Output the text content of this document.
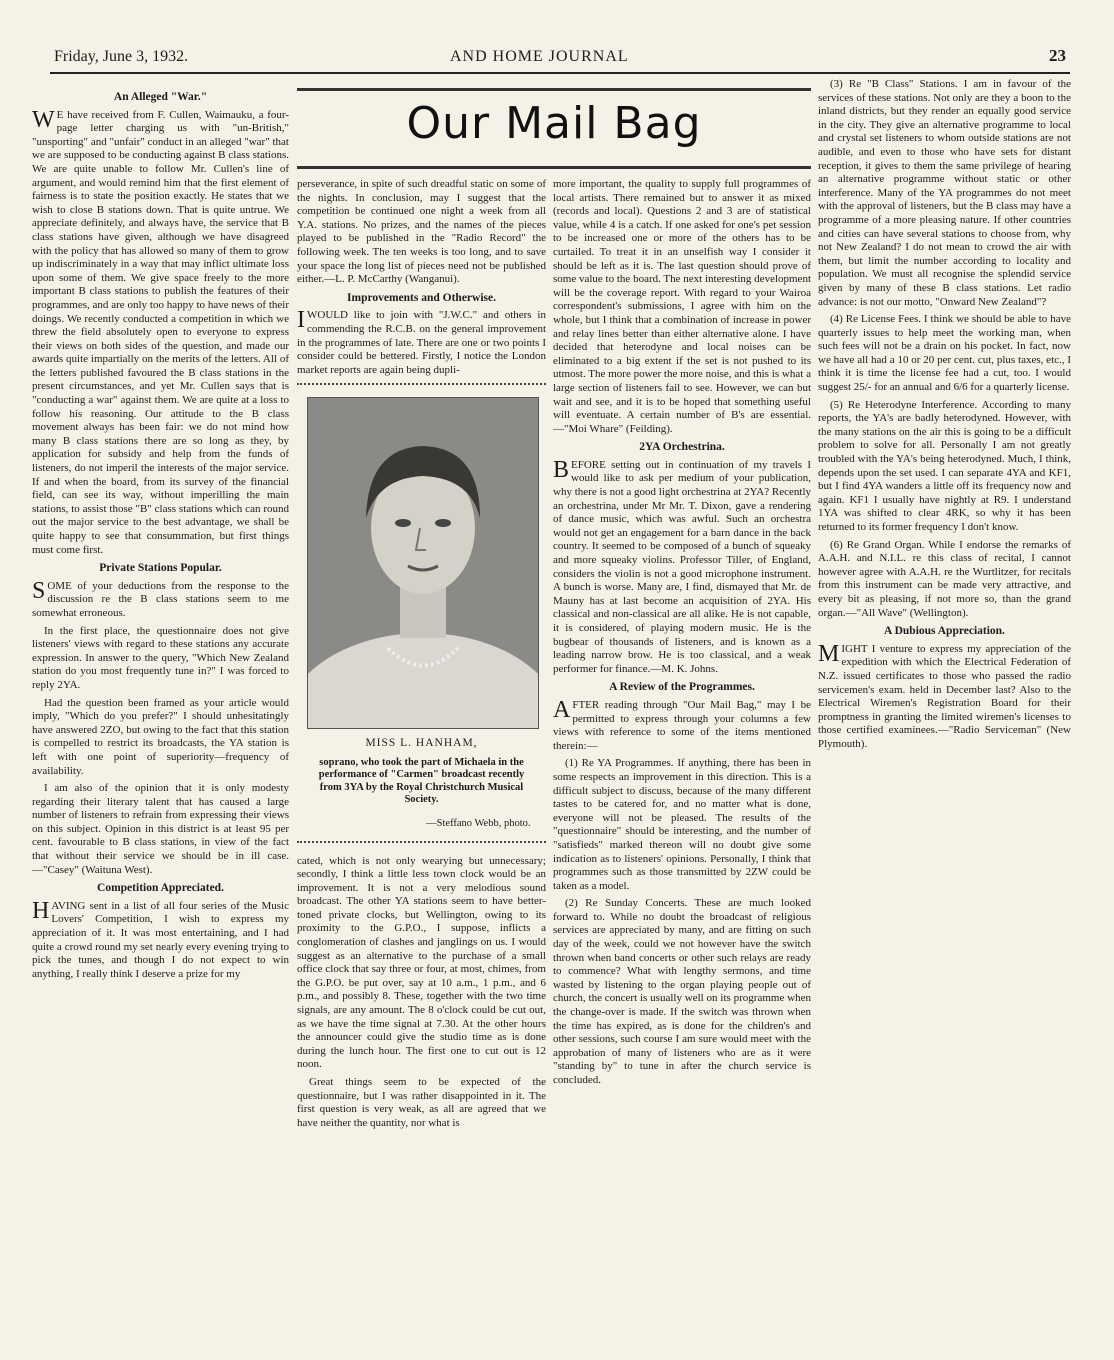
Friday, June 3, 1932.	AND HOME JOURNAL	23
Our Mail Bag
An Alleged "War."

W E have received from F. Cullen, Waimauku, a four-page letter charging us with "un-British," "unsporting" and "unfair" conduct in an alleged "war" that we are supposed to be conducting against B class stations. We are quite unable to follow Mr. Cullen's line of argument, and would remind him that the first element of fairness is to state the position exactly. He states that we wish to close B stations down. That is quite untrue. We appreciate definitely, and always have, the service that B class stations have given, although we have disagreed with the policy that has allowed so many of them to grow up indiscriminately in a way that may inflict ultimate loss upon some of them. We give space freely to the more important B class stations to publish the features of their programmes, and are only too happy to have news of their doings. We recently conducted a competition in which we threw the field absolutely open to everyone to express their views on both sides of the question, and made our awards quite impartially on the merits of the letters. All of the letters published favoured the B class stations in the present circumstances, and yet Mr. Cullen says that is "conducting a war" against them. We are quite at a loss to follow his reasoning. Our attitude to the B class movement always has been fair: we do not mind how many B class stations there are so long as they, by application for subsidy and help from the funds of listeners, do not imperil the interests of the major service. If and when the board, from its survey of the financial field, can see its way, without imperilling the main stations, to assist those "B" class stations which can round out the major service to the best advantage, we shall be quite happy to see that consummation, but first things must come first.

Private Stations Popular.

SOME of your deductions from the response to the discussion re the B class stations seem to me somewhat erroneous.

In the first place, the questionnaire does not give listeners' views with regard to these stations any accurate expression. In answer to the query, "Which New Zealand station do you most frequently tune in?" I was forced to reply 2YA.

Had the question been framed as your article would imply, "Which do you prefer?" I should unhesitatingly have answered 2ZO, but owing to the fact that this station is compelled to restrict its broadcasts, the YA station is left with one point of superiority—frequency of availability.

I am also of the opinion that it is only modesty regarding their literary talent that has caused a large number of listeners to refrain from expressing their views on this subject. Opinion in this district is at least 95 per cent. favourable to B class stations, in view of the fact that without their service we should be in ill case.—"Casey" (Waituna West).

Competition Appreciated.

HAVING sent in a list of all four series of the Music Lovers' Competition, I wish to express my appreciation of it. It was most entertaining, and I had quite a crowd round my set nearly every evening trying to pick the tunes, and though I do not expect to win anything, I really think I deserve a prize for my

perseverance, in spite of such dreadful static on some of the nights. In conclusion, may I suggest that the competition be continued one night a week from all Y.A. stations. No prizes, and the names of the pieces played to be published in the "Radio Record" the following week. The ten weeks is too long, and to save your space the long list of pieces need not be published either.—L. P. McCarthy (Wanganui).

Improvements and Otherwise.

IWOULD like to join with "J.W.C." and others in commending the R.C.B. on the general improvement in the programmes of late. There are one or two points I consider could be bettered. Firstly, I notice the London market reports are again being dupli-

MISS L. HANHAM,
soprano, who took the part of Michaela in the performance of "Carmen" broadcast recently from 3YA by the Royal Christchurch Musical Society.
—Steffano Webb, photo.

cated, which is not only wearying but unnecessary; secondly, I think a little less town clock would be an improvement. It is not a very melodious sound broadcast. The other YA stations seem to have better-toned private clocks, but Wellington, owing to its proximity to the G.P.O., I suppose, inflicts a conglomeration of clashes and janglings on us. I would suggest as an alternative to the purchase of a small office clock that say three or four, at most, chimes, from the G.P.O. be put over, say at 10 a.m., 1 p.m., and 6 p.m., and possibly 8. These, together with the two time signals, are any amount. The 8 o'clock could be cut out, as we have the time signal at 7.30. At the other hours the announcer could give the studio time as is done during the lunch hour. The first one to cut out is 12 noon.

Great things seem to be expected of the questionnaire, but I was rather disappointed in it. The first question is very weak, as all are agreed that we have neither the quantity, nor what is

more important, the quality to supply full programmes of local artists. There remained but to answer it as mixed (records and local). Questions 2 and 3 are of statistical value, while 4 is a catch. If one asked for one's pet session to be increased one or more of the others has to be curtailed. To treat it in an unselfish way I consider it should be left as it is. The last question should prove of some value to the board. The next interesting development will be the coverage report. With regard to your Wairoa correspondent's submissions, I agree with him on the whole, but I think that a combination of increase in power and relay lines better than either alternative alone. I have decided that heterodyne and local noises can be eliminated to a big extent if the set is not pushed to its utmost. The more power the more noise, and this is what a large section of listeners fail to see. However, we can but wait and see, and it is to be hoped that something useful will eventuate. A certain number of B's are essential. —"Moi Whare" (Feilding).

2YA Orchestrina.

BEFORE setting out in continuation of my travels I would like to ask per medium of your publication, why there is not a good light orchestrina at 2YA? Recently an orchestrina, under Mr Mr. T. Dixon, gave a rendering of dance music, which was awful. Such an orchestra would not get an engagement for a barn dance in the back country. It seemed to be composed of a bunch of squeaky and more squeaky violins. Professor Tiller, of England, considers the violin is not a good microphone instrument. A bunch is worse. Many are, I find, dismayed that Mr. de Mauny has at last become an acquisition of 2YA. His classical and non-classical are all alike. He is not capable, it is considered, of playing modern music. He is the bugbear of thousands of listeners, and is known as a leading narrow brow. He is too classical, and a weak performer for finance.—M. K. Johns.

A Review of the Programmes.

AFTER reading through "Our Mail Bag," may I be permitted to express through your columns a few views with reference to some of the items mentioned therein:—

(1) Re YA Programmes. If anything, there has been in some respects an improvement in this direction. This is a difficult subject to discuss, because of the many different tastes to be catered for, and no matter what is done, everyone will not be pleased. The results of the "questionnaire" should be interesting, and the number of "satisfieds" marked thereon will no doubt give some indication as to listeners' opinions. Personally, I think that programmes such as those transmitted by 2ZW could be taken as a model.

(2) Re Sunday Concerts. These are much looked forward to. While no doubt the broadcast of religious services are appreciated by many, and are fitting on such day of the week, could we not however have the switch thrown when band concerts or other such relays are ready to commence? What with lengthy sermons, and time wasted by listening to the organ playing people out of church, the concert is usually well on its programme when the change-over is made. If the switch was thrown when the time has expired, as is done for the children's and other sessions, such course I am sure would meet with the approbation of many of listeners who are as it were "standing by" to tune in after the church service is concluded.

(3) Re "B Class" Stations. I am in favour of the services of these stations. Not only are they a boon to the inland districts, but they render an equally good service in the city. They give an alternative programme to local and crystal set listeners to whom outside stations are not audible, and even to those who have sets for distant reception, it gives to them the same privilege of hearing an alternative programme without static or other interference. Many of the YA programmes do not meet with the approval of listeners, but the B class may have a programme of a more pleasing nature. If other countries and cities can have several stations to choose from, why not New Zealand? I do not mean to crowd the air with them, but limit the number according to locality and population. We must all recognise the splendid service given by many of these B class stations. Let radio advance: is not our motto, "Onward New Zealand"?

(4) Re License Fees. I think we should be able to have quarterly issues to help meet the working man, when such fees will not be a drain on his pocket. In fact, now we have all had a 10 or 20 per cent. cut, plus taxes, etc., I think it is time the license fee had a cut, too. I would suggest 25/- for an annual and 6/6 for a quarterly license.

(5) Re Heterodyne Interference. According to many reports, the YA's are badly heterodyned. However, with the many stations on the air this is going to be a difficult problem to solve for all. Personally I am not greatly troubled with the YA's being heterodyned. Much, I think, depends upon the set used. I can separate 4YA and KF1, but I find 4YA wanders a little off its frequency now and again. KF1 I usually have nightly at R9. I understand 1YA was shifted to clear 4RK, so why it has been returned to its former frequency I don't know.

(6) Re Grand Organ. While I endorse the remarks of A.A.H. and N.I.L. re this class of recital, I cannot however agree with A.A.H. re the Wurtlitzer, for recitals from this instrument can be made very attractive, and every bit as pleasing, if not more so, than the grand organ.—"All Wave" (Wellington).

A Dubious Appreciation.

MIGHT I venture to express my appreciation of the expedition with which the Electrical Federation of N.Z. issued certificates to those who passed the radio servicemen's exam. held in December last? Also to the Electrical Wiremen's Registration Board for their promptness in granting the limited wiremen's licenses to those certified examinees.—"Radio Serviceman" (New Plymouth).
